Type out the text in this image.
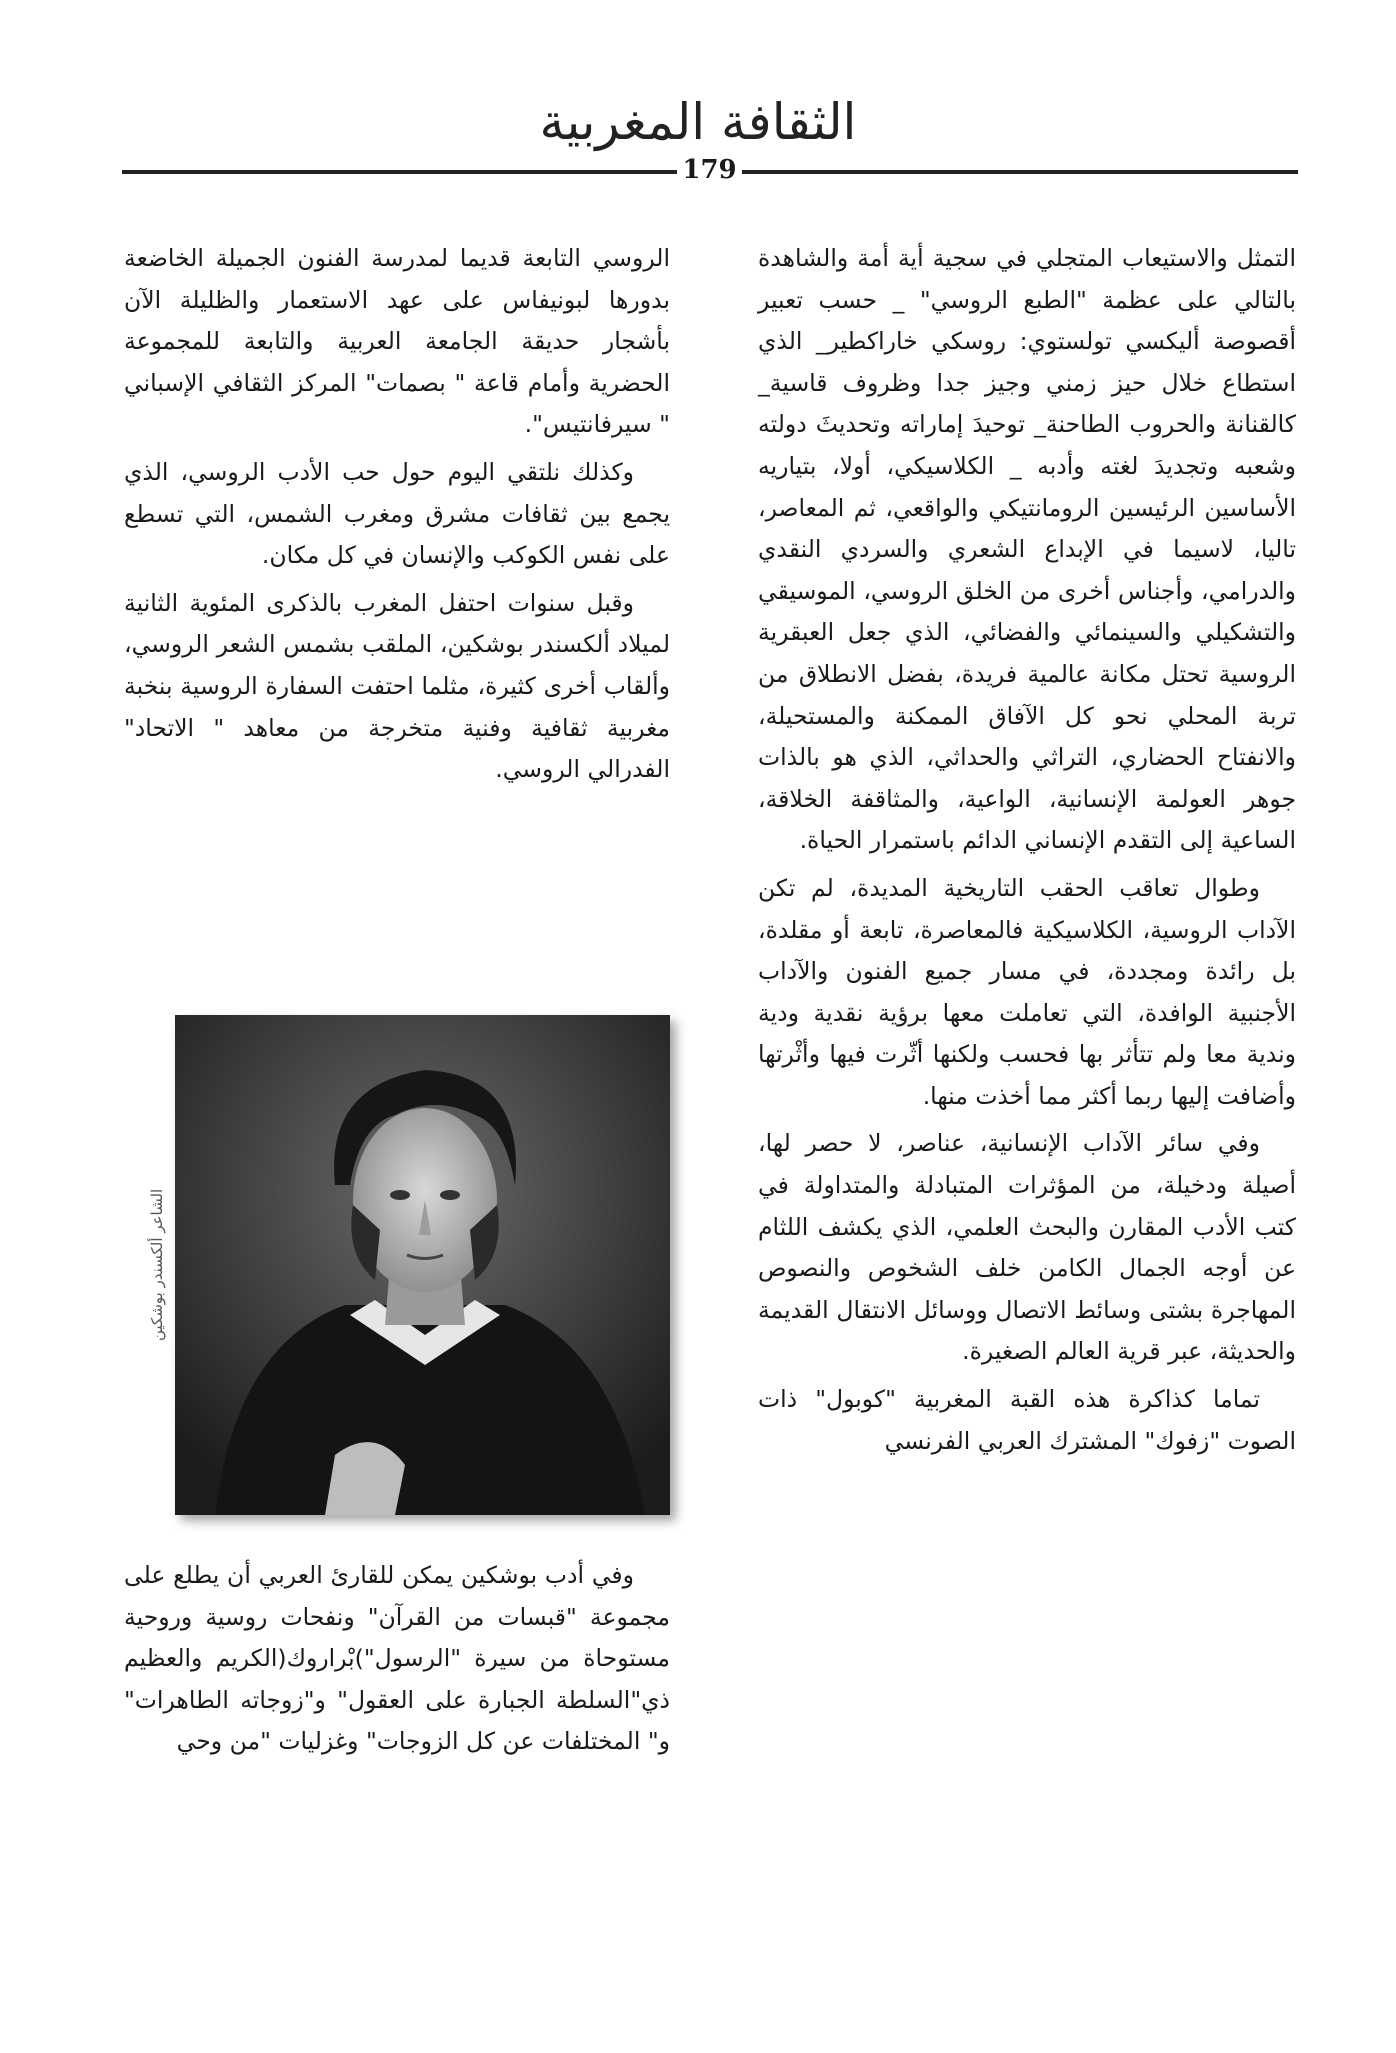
الثقافة المغربية
179

التمثل والاستيعاب المتجلي في سجية أية أمة والشاهدة بالتالي على عظمة "الطبع الروسي" _ حسب تعبير أقصوصة أليكسي تولستوي: روسكي خاراكطير_ الذي استطاع خلال حيز زمني وجيز جدا وظروف قاسية_ كالقنانة والحروب الطاحنة_ توحيدَ إماراته وتحديثَ دولته وشعبه وتجديدَ لغته وأدبه _ الكلاسيكي، أولا، بتياريه الأساسين الرئيسين الرومانتيكي والواقعي، ثم المعاصر، تاليا، لاسيما في الإبداع الشعري والسردي النقدي والدرامي، وأجناس أخرى من الخلق الروسي، الموسيقي والتشكيلي والسينمائي والفضائي، الذي جعل العبقرية الروسية تحتل مكانة عالمية فريدة، بفضل الانطلاق من تربة المحلي نحو كل الآفاق الممكنة والمستحيلة، والانفتاح الحضاري، التراثي والحداثي، الذي هو بالذات جوهر العولمة الإنسانية، الواعية، والمثاقفة الخلاقة، الساعية إلى التقدم الإنساني الدائم باستمرار الحياة.

وطوال تعاقب الحقب التاريخية المديدة، لم تكن الآداب الروسية، الكلاسيكية فالمعاصرة، تابعة أو مقلدة، بل رائدة ومجددة، في مسار جميع الفنون والآداب الأجنبية الوافدة، التي تعاملت معها برؤية نقدية ودية وندية معا ولم تتأثر بها فحسب ولكنها أثّرت فيها وأثْرتها وأضافت إليها ربما أكثر مما أخذت منها.

وفي سائر الآداب الإنسانية، عناصر، لا حصر لها، أصيلة ودخيلة، من المؤثرات المتبادلة والمتداولة في كتب الأدب المقارن والبحث العلمي، الذي يكشف اللثام عن أوجه الجمال الكامن خلف الشخوص والنصوص المهاجرة بشتى وسائط الاتصال ووسائل الانتقال القديمة والحديثة، عبر قرية العالم الصغيرة.

تماما كذاكرة هذه القبة المغربية "كوبول" ذات الصوت "زفوك" المشترك العربي الفرنسي

الروسي التابعة قديما لمدرسة الفنون الجميلة الخاضعة بدورها لبونيفاس على عهد الاستعمار والظليلة الآن بأشجار حديقة الجامعة العربية والتابعة للمجموعة الحضرية وأمام قاعة " بصمات" المركز الثقافي الإسباني " سيرفانتيس".

وكذلك نلتقي اليوم حول حب الأدب الروسي، الذي يجمع بين ثقافات مشرق ومغرب الشمس، التي تسطع على نفس الكوكب والإنسان في كل مكان.

وقبل سنوات احتفل المغرب بالذكرى المئوية الثانية لميلاد ألكسندر بوشكين، الملقب بشمس الشعر الروسي، وألقاب أخرى كثيرة، مثلما احتفت السفارة الروسية بنخبة مغربية ثقافية وفنية متخرجة من معاهد " الاتحاد" الفدرالي الروسي.

الشاعر ألكسندر بوشكين

وفي أدب بوشكين يمكن للقارئ العربي أن يطلع على مجموعة "قبسات من القرآن" ونفحات روسية وروحية مستوحاة من سيرة "الرسول")بْراروك(الكريم والعظيم ذي"السلطة الجبارة على العقول" و"زوجاته الطاهرات" و" المختلفات عن كل الزوجات" وغزليات "من وحي
